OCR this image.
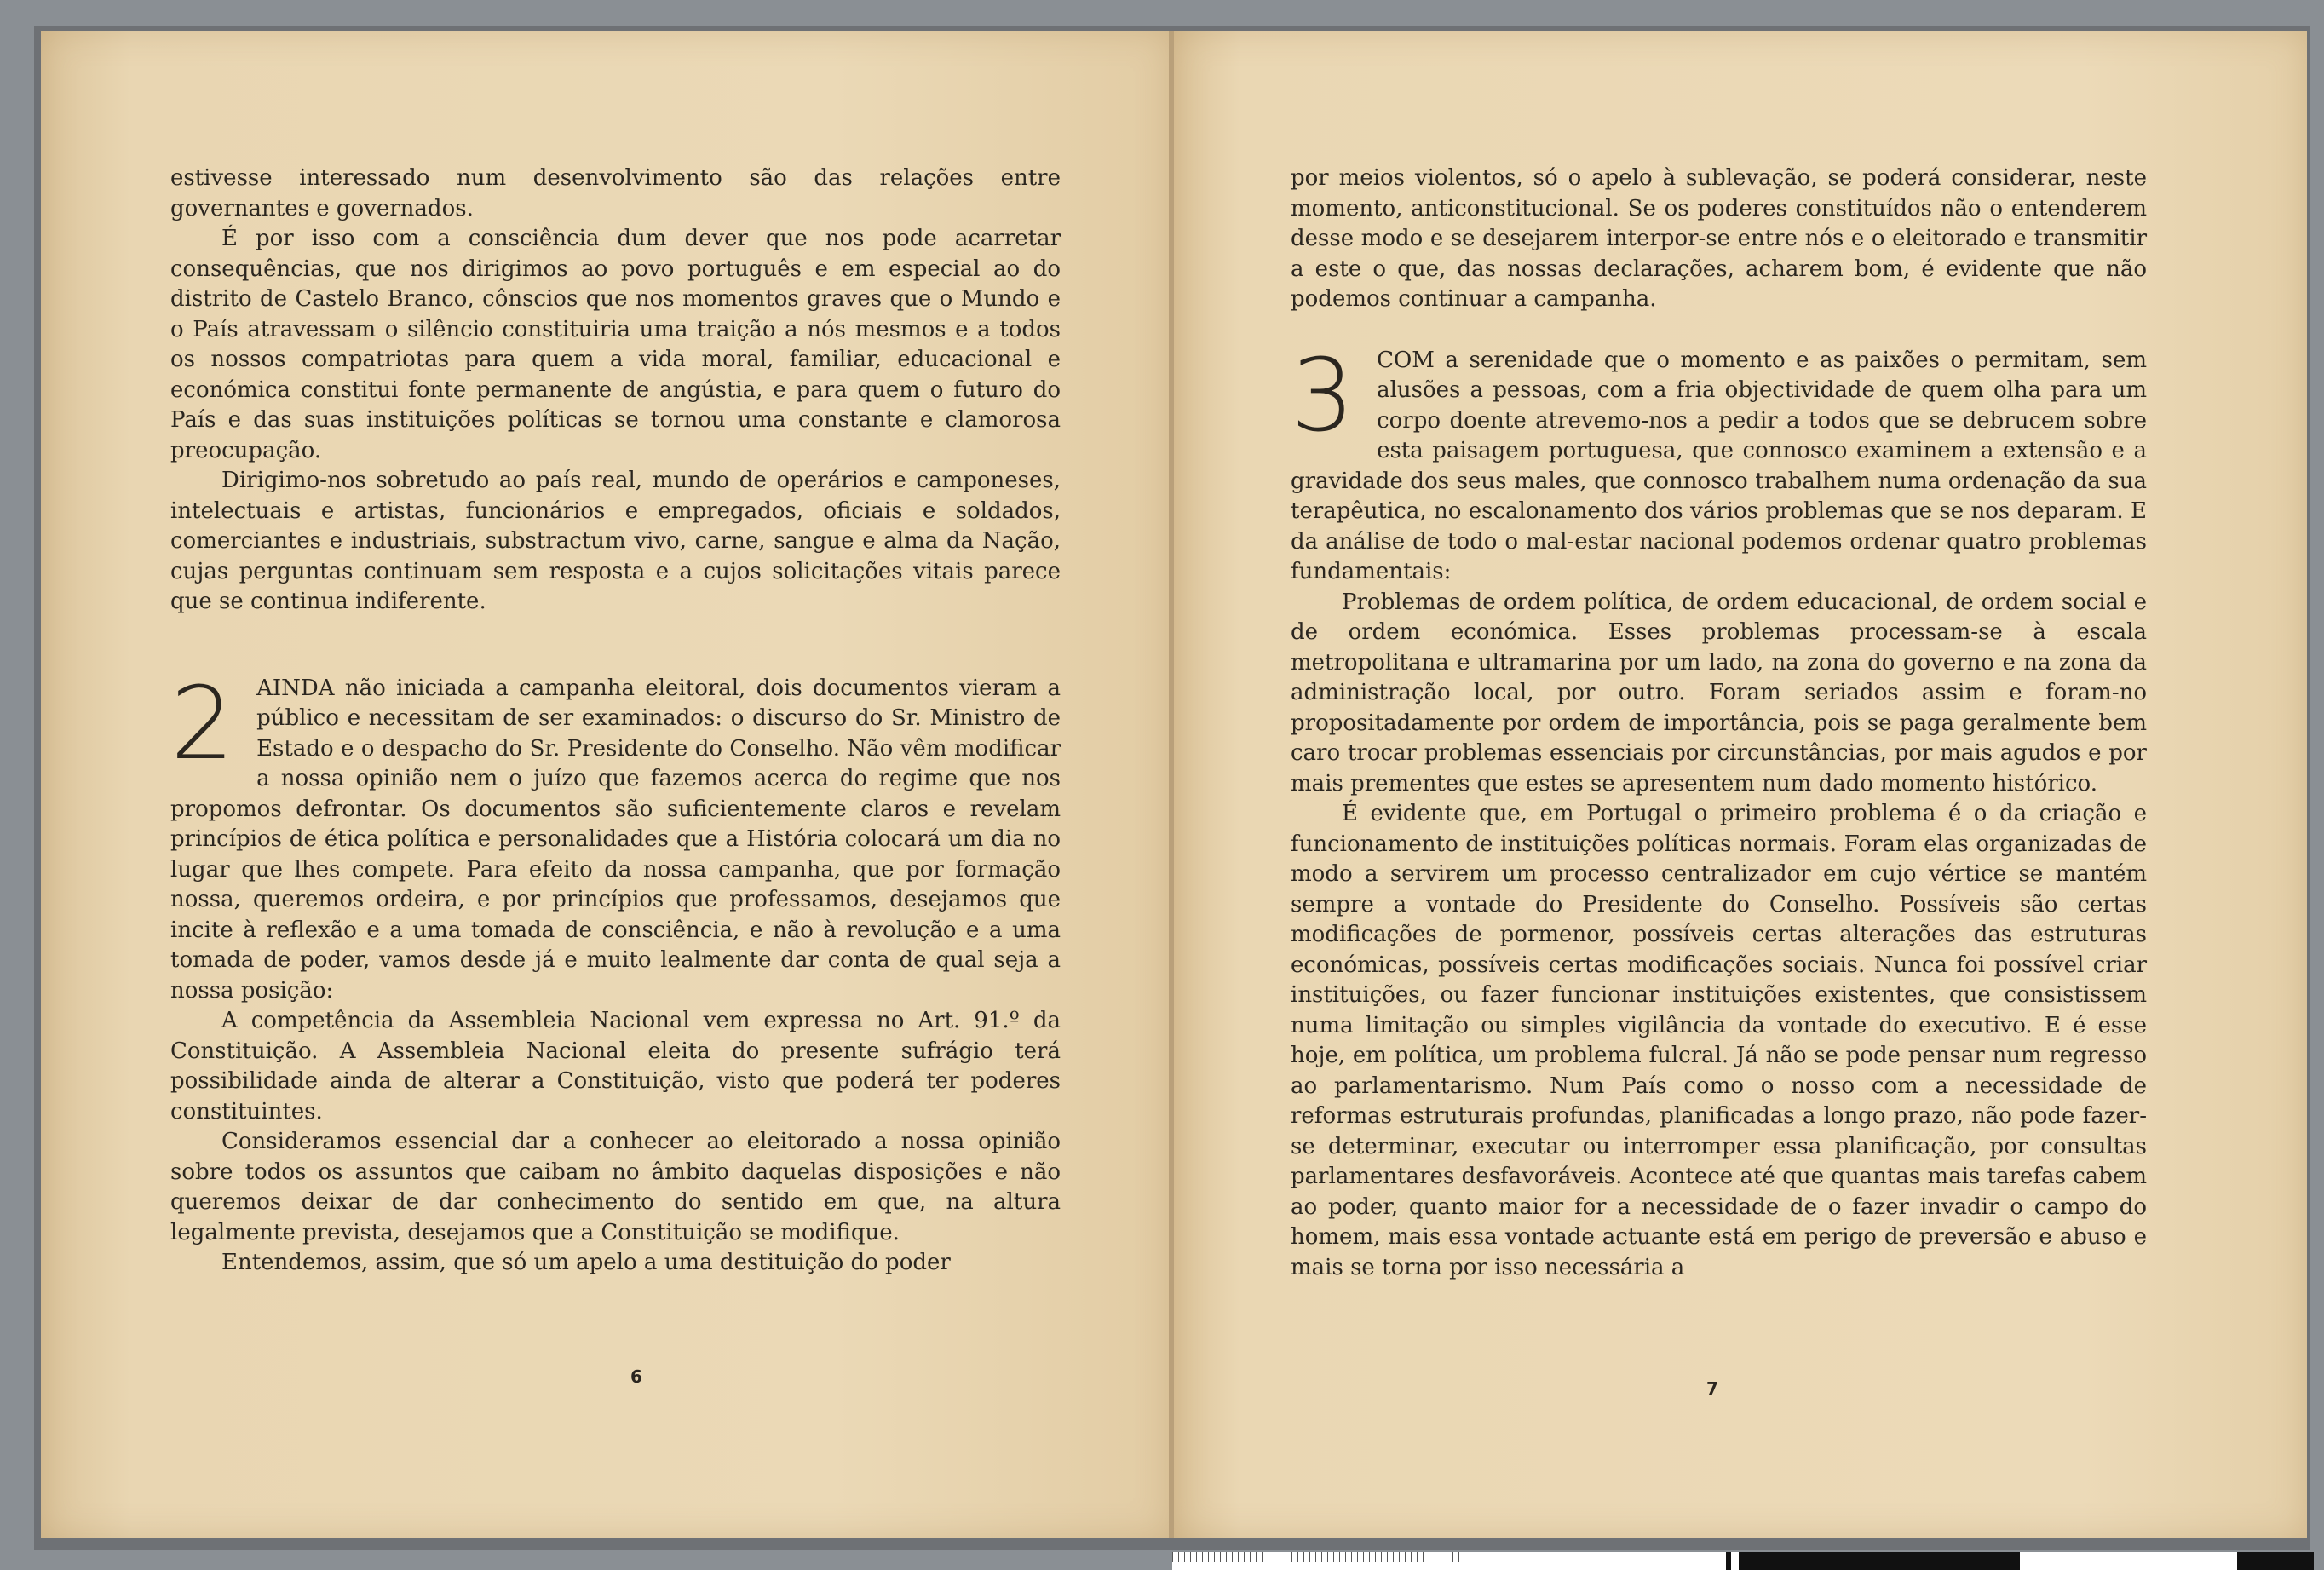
estivesse interessado num desenvolvimento são das relações entre governantes e governados.

É por isso com a consciência dum dever que nos pode acarretar consequências, que nos dirigimos ao povo português e em especial ao do distrito de Castelo Branco, cônscios que nos momentos graves que o Mundo e o País atravessam o silêncio constituiria uma traição a nós mesmos e a todos os nossos compatriotas para quem a vida moral, familiar, educacional e económica constitui fonte permanente de angústia, e para quem o futuro do País e das suas instituições políticas se tornou uma constante e clamorosa preocupação.

Dirigimo-nos sobretudo ao país real, mundo de operários e camponeses, intelectuais e artistas, funcionários e empregados, oficiais e soldados, comerciantes e industriais, substractum vivo, carne, sangue e alma da Nação, cujas perguntas continuam sem resposta e a cujos solicitações vitais parece que se continua indiferente.

2	AINDA não iniciada a campanha eleitoral, dois documentos vieram a público e necessitam de ser examinados: o discurso do Sr. Ministro de Estado e o despacho do Sr. Presidente do Conselho. Não vêm modificar a nossa opinião nem o juízo que fazemos acerca do regime que nos propomos defrontar. Os documentos são suficientemente claros e revelam princípios de ética política e personalidades que a História colocará um dia no lugar que lhes compete. Para efeito da nossa campanha, que por formação nossa, queremos ordeira, e por princípios que professamos, desejamos que incite à reflexão e a uma tomada de consciência, e não à revolução e a uma tomada de poder, vamos desde já e muito lealmente dar conta de qual seja a nossa posição:

A competência da Assembleia Nacional vem expressa no Art. 91.º da Constituição. A Assembleia Nacional eleita do presente sufrágio terá possibilidade ainda de alterar a Constituição, visto que poderá ter poderes constituintes.

Consideramos essencial dar a conhecer ao eleitorado a nossa opinião sobre todos os assuntos que caibam no âmbito daquelas disposições e não queremos deixar de dar conhecimento do sentido em que, na altura legalmente prevista, desejamos que a Constituição se modifique.

Entendemos, assim, que só um apelo a uma destituição do poder

6

por meios violentos, só o apelo à sublevação, se poderá considerar, neste momento, anticonstitucional. Se os poderes constituídos não o entenderem desse modo e se desejarem interpor-se entre nós e o eleitorado e transmitir a este o que, das nossas declarações, acharem bom, é evidente que não podemos continuar a campanha.

3	COM a serenidade que o momento e as paixões o permitam, sem alusões a pessoas, com a fria objectividade de quem olha para um corpo doente atrevemo-nos a pedir a todos que se debrucem sobre esta paisagem portuguesa, que connosco examinem a extensão e a gravidade dos seus males, que connosco trabalhem numa ordenação da sua terapêutica, no escalonamento dos vários problemas que se nos deparam. E da análise de todo o mal-estar nacional podemos ordenar quatro problemas fundamentais:

Problemas de ordem política, de ordem educacional, de ordem social e de ordem económica. Esses problemas processam-se à escala metropolitana e ultramarina por um lado, na zona do governo e na zona da administração local, por outro. Foram seriados assim e foram-no propositadamente por ordem de importância, pois se paga geralmente bem caro trocar problemas essenciais por circunstâncias, por mais agudos e por mais prementes que estes se apresentem num dado momento histórico.

É evidente que, em Portugal o primeiro problema é o da criação e funcionamento de instituições políticas normais. Foram elas organizadas de modo a servirem um processo centralizador em cujo vértice se mantém sempre a vontade do Presidente do Conselho. Possíveis são certas modificações de pormenor, possíveis certas alterações das estruturas económicas, possíveis certas modificações sociais. Nunca foi possível criar instituições, ou fazer funcionar instituições existentes, que consistissem numa limitação ou simples vigilância da vontade do executivo. E é esse hoje, em política, um problema fulcral. Já não se pode pensar num regresso ao parlamentarismo. Num País como o nosso com a necessidade de reformas estruturais profundas, planificadas a longo prazo, não pode fazer-se determinar, executar ou interromper essa planificação, por consultas parlamentares desfavoráveis. Acontece até que quantas mais tarefas cabem ao poder, quanto maior for a necessidade de o fazer invadir o campo do homem, mais essa vontade actuante está em perigo de preversão e abuso e mais se torna por isso necessária a

7
